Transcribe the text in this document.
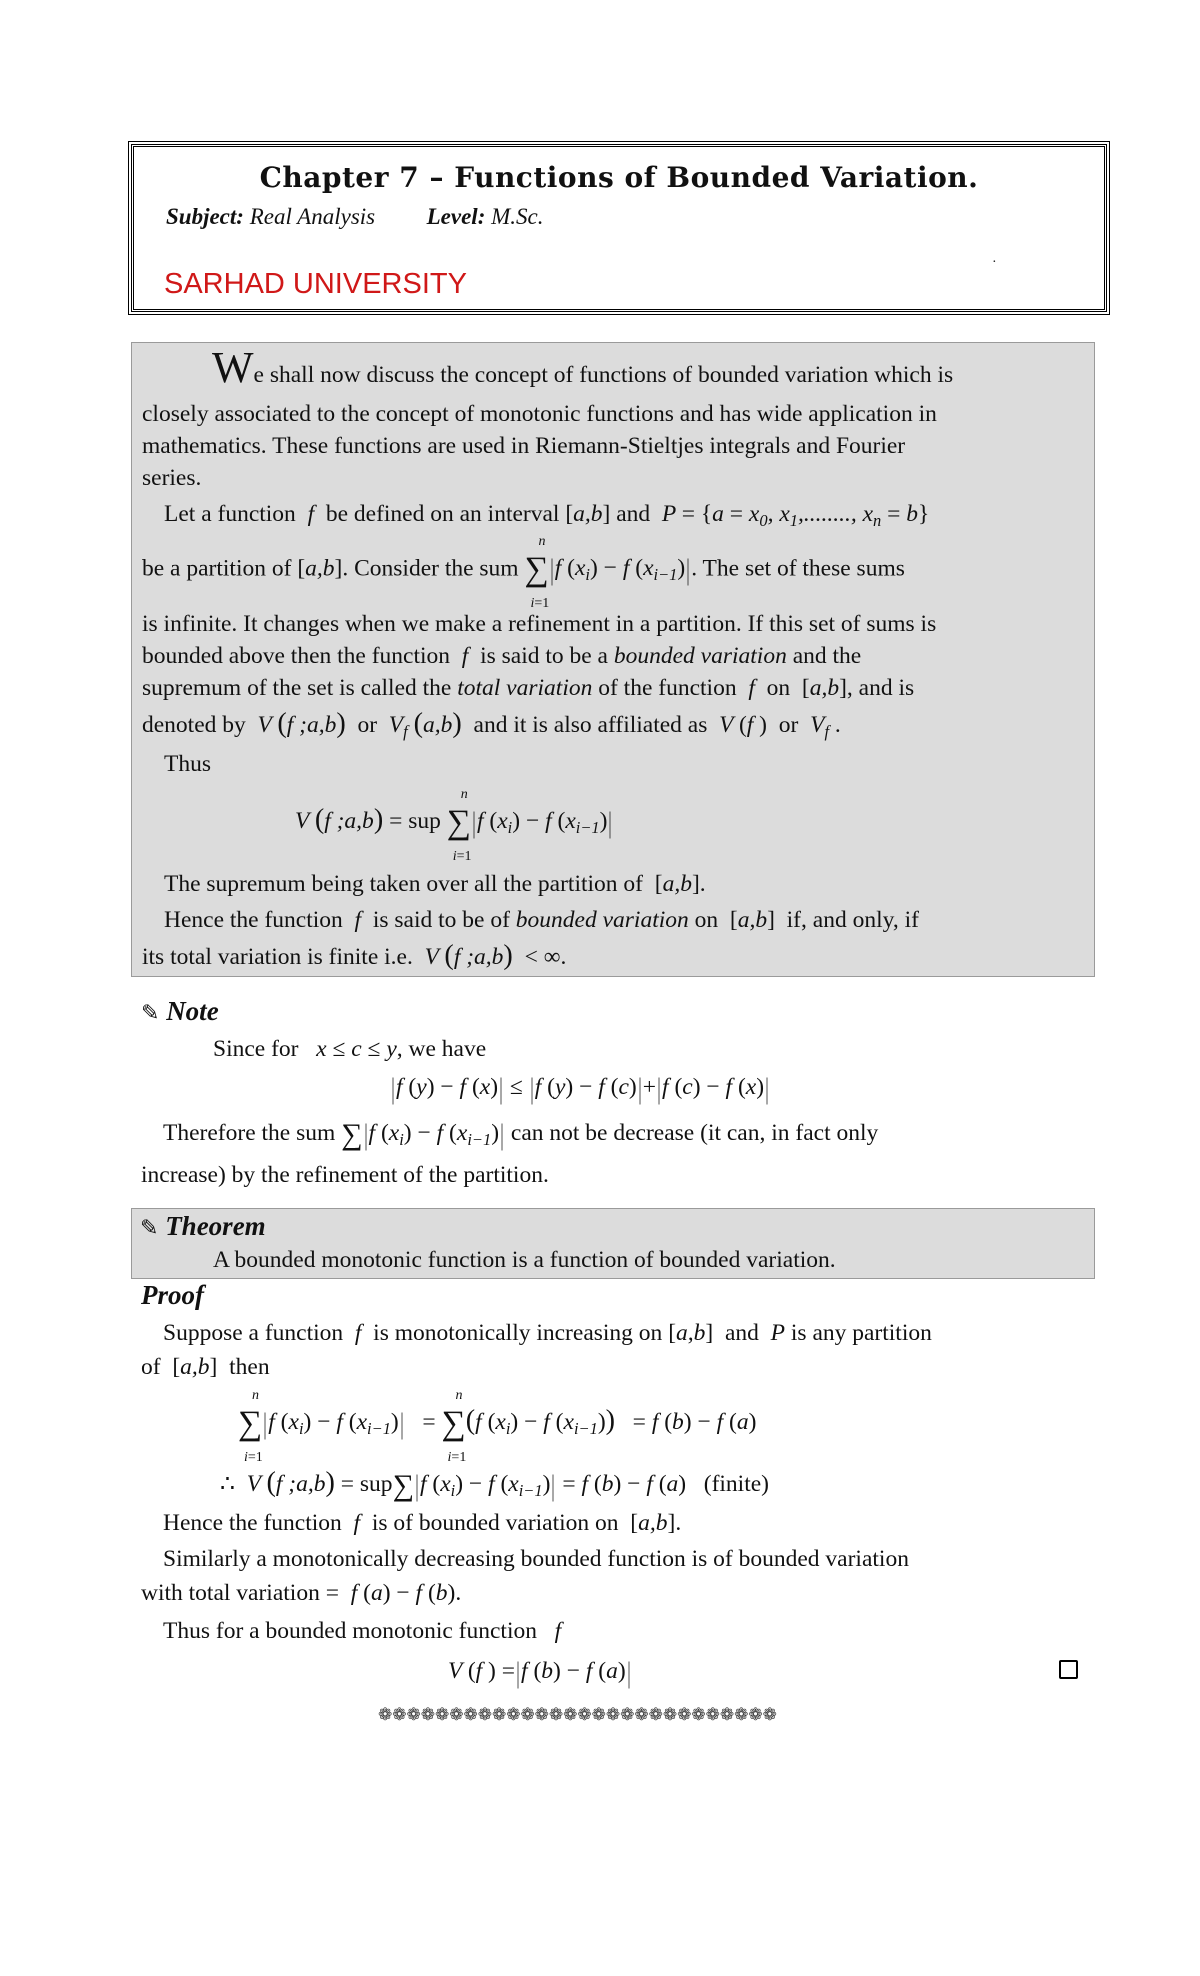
Chapter 7 – Functions of Bounded Variation.
Subject: Real Analysis Level: M.Sc.
SARHAD UNIVERSITY
·
We shall now discuss the concept of functions of bounded variation which is
closely associated to the concept of monotonic functions and has wide application in
mathematics. These functions are used in Riemann-Stieltjes integrals and Fourier
series.
Let a function  f  be defined on an interval [a,b] and  $P = \{a = x_0$, $x_1$,........, $x_n = b$}
be a partition of [a,b]. Consider the sum
n
∑
i=1
|f $(x_i) - f$ $(x_{i-1})|$. The set of these sums
is infinite. It changes when we make a refinement in a partition. If this set of sums is
bounded above then the function  f  is said to be a bounded variation and the
supremum of the set is called the total variation of the function  f  on [a,b], and is
denoted by  V (f ;a,b) or  $V_f$ (a,b) and it is also affiliated as  V (f ) or  $V_f$ .
Thus
V (f ;a,b) = sup
n
∑
i=1
|f $(x_i) - f$ $(x_{i-1})|$
The supremum being taken over all the partition of [a,b].
Hence the function  f  is said to be of bounded variation on [a,b] if, and only, if
its total variation is finite i.e.  V (f ;a,b)  < ∞.
✎ Note
Since for   x ≤ c ≤ y, we have
|f (y) − f (x)| ≤ |f (y) − f (c)|+|f (c) − f (x)|
Therefore the sum ∑|f $(x_i) - f$ $(x_{i-1})|$ can not be decrease (it can, in fact only
increase) by the refinement of the partition.
✎ Theorem
A bounded monotonic function is a function of bounded variation.
Proof
Suppose a function  f  is monotonically increasing on [a,b] and  P is any partition
of [a,b] then
n
∑
i=1
|f $(x_i) - f$ $(x_{i-1})|$   =
n
∑
i=1
(f $(x_i) - f$ $(x_{i-1})) = f$ (b) − f (a)
∴  V (f ;a,b) = sup∑|f $(x_i) - f$ $(x_{i-1})| = f$ (b) − f (a) (finite)
Hence the function  f  is of bounded variation on [a,b].
Similarly a monotonically decreasing bounded function is of bounded variation
with total variation =  f (a) − f (b).
Thus for a bounded monotonic function   f
V (f ) =|f (b) − f (a)|
❁❁❁❁❁❁❁❁❁❁❁❁❁❁❁❁❁❁❁❁❁❁❁❁❁❁❁❁
